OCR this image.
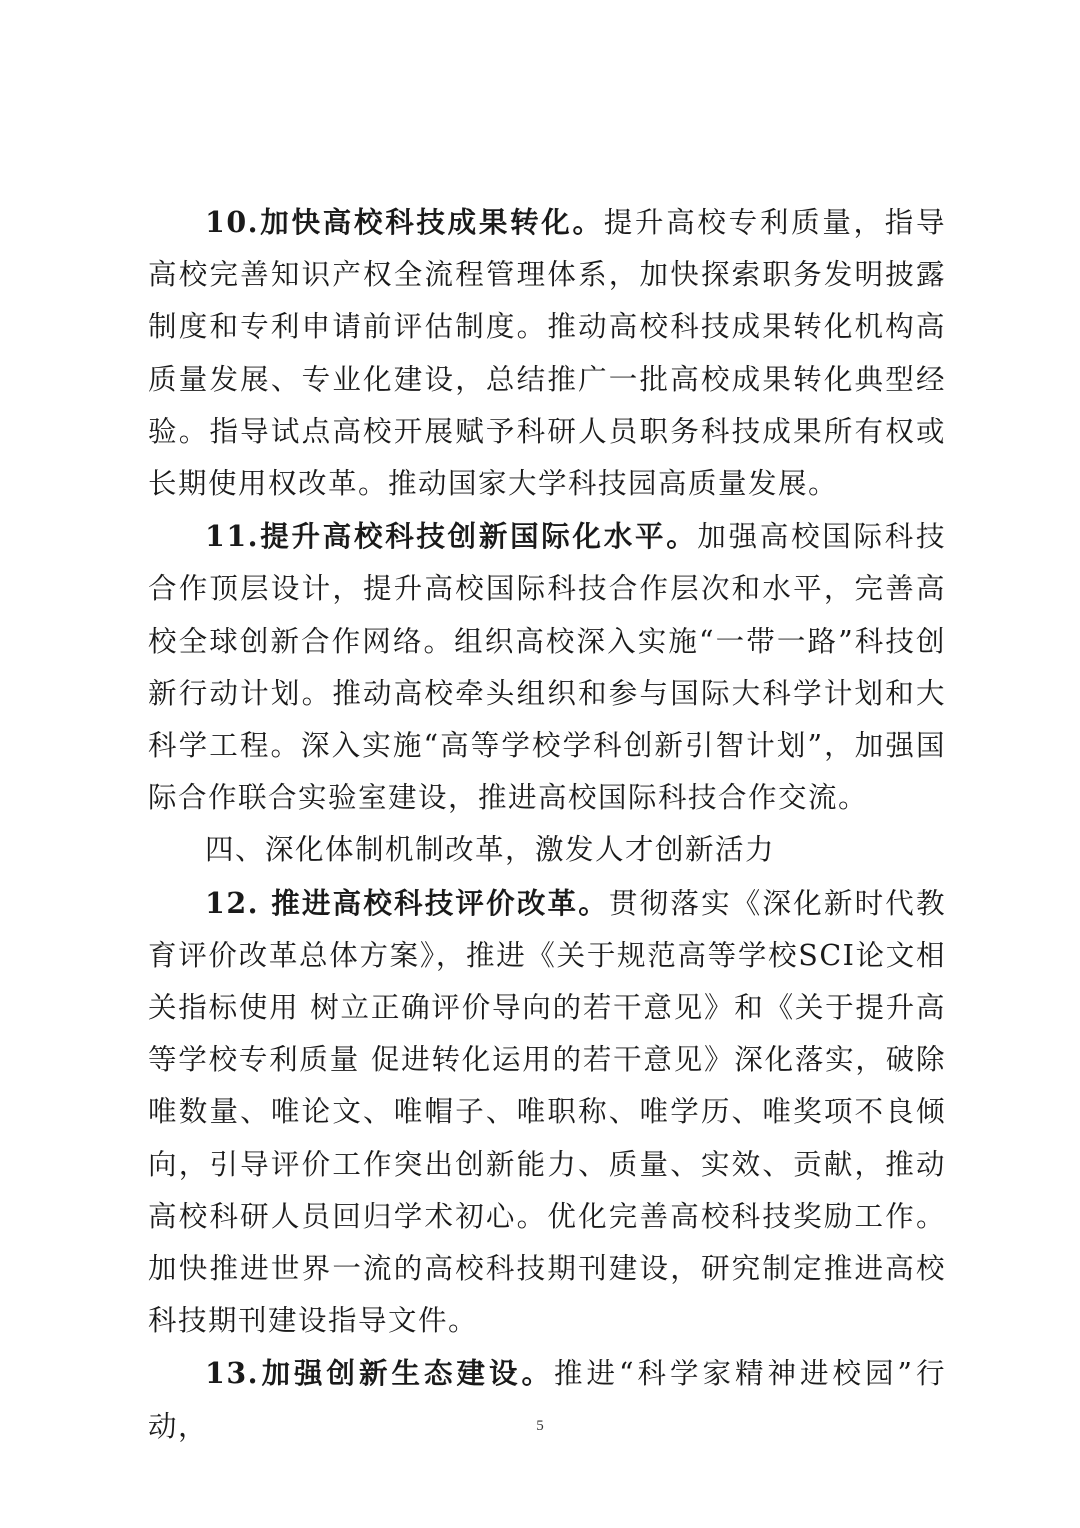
10.加快高校科技成果转化。提升高校专利质量，指导高校完善知识产权全流程管理体系，加快探索职务发明披露制度和专利申请前评估制度。推动高校科技成果转化机构高质量发展、专业化建设，总结推广一批高校成果转化典型经验。指导试点高校开展赋予科研人员职务科技成果所有权或长期使用权改革。推动国家大学科技园高质量发展。

11.提升高校科技创新国际化水平。加强高校国际科技合作顶层设计，提升高校国际科技合作层次和水平，完善高校全球创新合作网络。组织高校深入实施“一带一路”科技创新行动计划。推动高校牵头组织和参与国际大科学计划和大科学工程。深入实施“高等学校学科创新引智计划”，加强国际合作联合实验室建设，推进高校国际科技合作交流。

四、深化体制机制改革，激发人才创新活力

12. 推进高校科技评价改革。贯彻落实《深化新时代教育评价改革总体方案》，推进《关于规范高等学校SCI论文相关指标使用 树立正确评价导向的若干意见》和《关于提升高等学校专利质量 促进转化运用的若干意见》深化落实，破除唯数量、唯论文、唯帽子、唯职称、唯学历、唯奖项不良倾向，引导评价工作突出创新能力、质量、实效、贡献，推动高校科研人员回归学术初心。优化完善高校科技奖励工作。加快推进世界一流的高校科技期刊建设，研究制定推进高校科技期刊建设指导文件。

13.加强创新生态建设。推进“科学家精神进校园”行动，	5
